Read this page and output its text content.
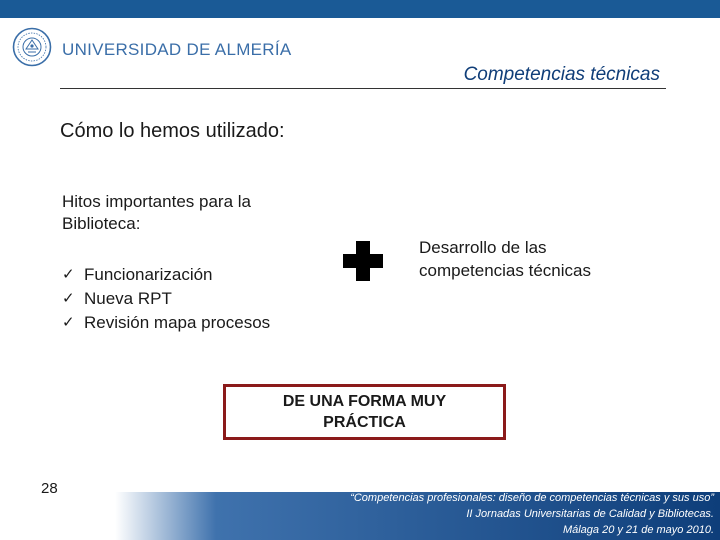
UNIVERSIDAD DE ALMERÍA
Competencias técnicas
Cómo lo hemos utilizado:
Hitos importantes para la Biblioteca:
✓ Funcionarización
✓ Nueva RPT
✓ Revisión mapa procesos
Desarrollo de las competencias técnicas
DE UNA FORMA MUY
PRÁCTICA
28
“Competencias profesionales: diseño de competencias técnicas y sus uso”
II Jornadas Universitarias de Calidad y Bibliotecas.
Málaga 20 y 21 de mayo 2010.
